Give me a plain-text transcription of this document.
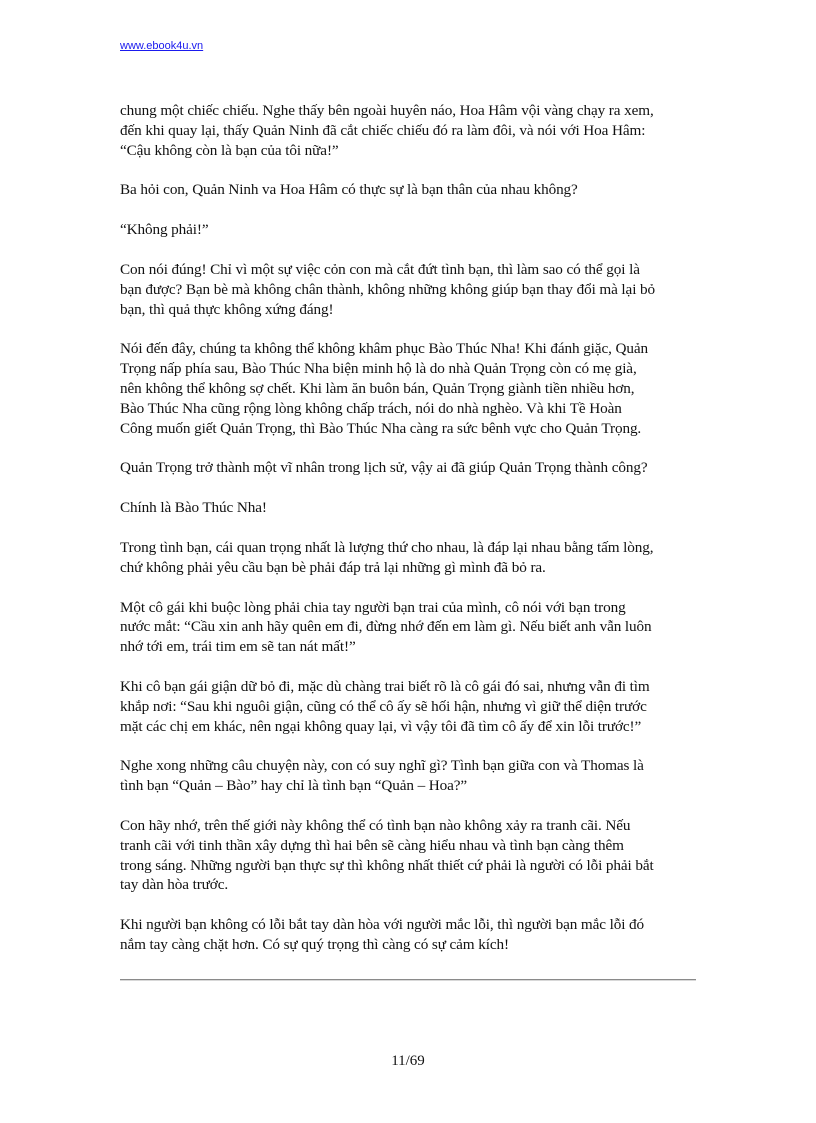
www.ebook4u.vn

chung một chiếc chiếu. Nghe thấy bên ngoài huyên náo, Hoa Hâm vội vàng chạy ra xem,
đến khi quay lại, thấy Quản Ninh đã cắt chiếc chiếu đó ra làm đôi, và nói với Hoa Hâm:
“Cậu không còn là bạn của tôi nữa!”

Ba hỏi con, Quản Ninh va Hoa Hâm có thực sự là bạn thân của nhau không?

“Không phải!”

Con nói đúng! Chỉ vì một sự việc cỏn con mà cắt đứt tình bạn, thì làm sao có thể gọi là
bạn được? Bạn bè mà không chân thành, không những không giúp bạn thay đổi mà lại bỏ
bạn, thì quả thực không xứng đáng!

Nói đến đây, chúng ta không thể không khâm phục Bào Thúc Nha! Khi đánh giặc, Quản
Trọng nấp phía sau, Bào Thúc Nha biện minh hộ là do nhà Quản Trọng còn có mẹ già,
nên không thể không sợ chết. Khi làm ăn buôn bán, Quản Trọng giành tiền nhiều hơn,
Bào Thúc Nha cũng rộng lòng không chấp trách, nói do nhà nghèo. Và khi Tề Hoàn
Công muốn giết Quản Trọng, thì Bào Thúc Nha càng ra sức bênh vực cho Quản Trọng.

Quản Trọng trở thành một vĩ nhân trong lịch sử, vậy ai đã giúp Quản Trọng thành công?

Chính là Bào Thúc Nha!

Trong tình bạn, cái quan trọng nhất là lượng thứ cho nhau, là đáp lại nhau bằng tấm lòng,
chứ không phải yêu cầu bạn bè phải đáp trả lại những gì mình đã bỏ ra.

Một cô gái khi buộc lòng phải chia tay người bạn trai của mình, cô nói với bạn trong
nước mắt: “Cầu xin anh hãy quên em đi, đừng nhớ đến em làm gì. Nếu biết anh vẫn luôn
nhớ tới em, trái tim em sẽ tan nát mất!”

Khi cô bạn gái giận dữ bỏ đi, mặc dù chàng trai biết rõ là cô gái đó sai, nhưng vẫn đi tìm
khắp nơi: “Sau khi nguôi giận, cũng có thể cô ấy sẽ hối hận, nhưng vì giữ thể diện trước
mặt các chị em khác, nên ngại không quay lại, vì vậy tôi đã tìm cô ấy để xin lỗi trước!”

Nghe xong những câu chuyện này, con có suy nghĩ gì? Tình bạn giữa con và Thomas là
tình bạn “Quản – Bào” hay chỉ là tình bạn “Quản – Hoa?”

Con hãy nhớ, trên thế giới này không thể có tình bạn nào không xảy ra tranh cãi. Nếu
tranh cãi với tinh thần xây dựng thì hai bên sẽ càng hiểu nhau và tình bạn càng thêm
trong sáng. Những người bạn thực sự thì không nhất thiết cứ phải là người có lỗi phải bắt
tay dàn hòa trước.

Khi người bạn không có lỗi bắt tay dàn hòa với người mắc lỗi, thì người bạn mắc lỗi đó
nắm tay càng chặt hơn. Có sự quý trọng thì càng có sự cảm kích!

11/69
